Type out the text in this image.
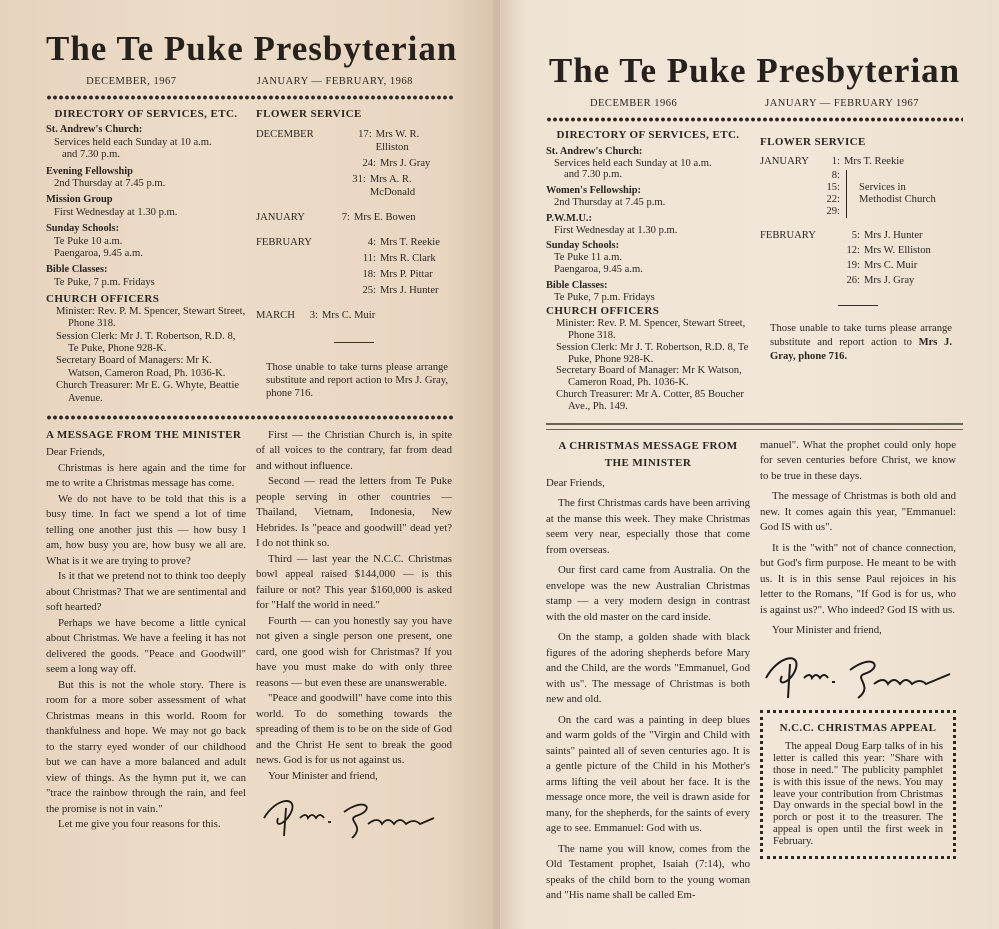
The Te Puke Presbyterian
DECEMBER, 1967	JANUARY — FEBRUARY, 1968
DIRECTORY OF SERVICES, ETC.
St. Andrew's Church:
Services held each Sunday at 10 a.m.
and 7.30 p.m.
Evening Fellowship
2nd Thursday at 7.45 p.m.
Mission Group
First Wednesday at 1.30 p.m.
Sunday Schools:
Te Puke 10 a.m.
Paengaroa, 9.45 a.m.
Bible Classes:
Te Puke, 7 p.m. Fridays
CHURCH OFFICERS
Minister: Rev. P. M. Spencer, Stewart Street, Phone 318.
Session Clerk: Mr J. T. Robertson, R.D. 8, Te Puke, Phone 928-K.
Secretary Board of Managers: Mr K. Watson, Cameron Road, Ph. 1036-K.
Church Treasurer: Mr E. G. Whyte, Beattie Avenue.
FLOWER SERVICE
DECEMBER	17: Mrs W. R. Elliston
24: Mrs J. Gray
31: Mrs A. R. McDonald
JANUARY	7: Mrs E. Bowen
FEBRUARY	4: Mrs T. Reekie
11: Mrs R. Clark
18: Mrs P. Pittar
25: Mrs J. Hunter
MARCH	3: Mrs C. Muir
Those unable to take turns please arrange substitute and report action to Mrs J. Gray, phone 716.
A MESSAGE FROM THE MINISTER

Dear Friends,

Christmas is here again and the time for me to write a Christmas message has come.

We do not have to be told that this is a busy time. In fact we spend a lot of time telling one another just this — how busy I am, how busy you are, how busy we all are. What is it we are trying to prove?

Is it that we pretend not to think too deeply about Christmas? That we are sentimental and soft hearted?

Perhaps we have become a little cynical about Christmas. We have a feeling it has not delivered the goods. "Peace and Goodwill" seem a long way off.

But this is not the whole story. There is room for a more sober assessment of what Christmas means in this world. Room for thankfulness and hope. We may not go back to the starry eyed wonder of our childhood but we can have a more balanced and adult view of things. As the hymn put it, we can "trace the rainbow through the rain, and feel the promise is not in vain."

Let me give you four reasons for this.

First — the Christian Church is, in spite of all voices to the contrary, far from dead and without influence.

Second — read the letters from Te Puke people serving in other countries — Thailand, Vietnam, Indonesia, New Hebrides. Is "peace and goodwill" dead yet? I do not think so.

Third — last year the N.C.C. Christmas bowl appeal raised $144,000 — is this failure or not? This year $160,000 is asked for "Half the world in need."

Fourth — can you honestly say you have not given a single person one present, one card, one good wish for Christmas? If you have you must make do with only three reasons — but even these are unanswerable.

"Peace and goodwill" have come into this world. To do something towards the spreading of them is to be on the side of God and the Christ He sent to break the good news. God is for us not against us.

Your Minister and friend,

The Te Puke Presbyterian
DECEMBER 1966	JANUARY — FEBRUARY 1967
DIRECTORY OF SERVICES, ETC.
St. Andrew's Church:
Services held each Sunday at 10 a.m.
and 7.30 p.m.
Women's Fellowship:
2nd Thursday at 7.45 p.m.
P.W.M.U.:
First Wednesday at 1.30 p.m.
Sunday Schools:
Te Puke 11 a.m.
Paengaroa, 9.45 a.m.
Bible Classes:
Te Puke, 7 p.m. Fridays
CHURCH OFFICERS
Minister: Rev. P. M. Spencer, Stewart Street, Phone 318.
Session Clerk: Mr J. T. Robertson, R.D. 8, Te Puke, Phone 928-K.
Secretary Board of Manager: Mr K Watson, Cameron Road, Ph. 1036-K.
Church Treasurer: Mr A. Cotter, 85 Boucher Ave., Ph. 149.
FLOWER SERVICE
JANUARY	1: Mrs T. Reekie
8:
15:
22:
29:
Services in Methodist Church
FEBRUARY	5: Mrs J. Hunter
12: Mrs W. Elliston
19: Mrs C. Muir
26: Mrs J. Gray
Those unable to take turns please arrange substitute and report action to Mrs J. Gray, phone 716.
A CHRISTMAS MESSAGE FROM THE MINISTER

Dear Friends,

The first Christmas cards have been arriving at the manse this week. They make Christmas seem very near, especially those that come from overseas.

Our first card came from Australia. On the envelope was the new Australian Christmas stamp — a very modern design in contrast with the old master on the card inside.

On the stamp, a golden shade with black figures of the adoring shepherds before Mary and the Child, are the words "Emmanuel, God with us". The message of Christmas is both new and old.

On the card was a painting in deep blues and warm golds of the "Virgin and Child with saints" painted all of seven centuries ago. It is a gentle picture of the Child in his Mother's arms lifting the veil about her face. It is the message once more, the veil is drawn aside for many, for the shepherds, for the saints of every age to see. Emmanuel: God with us.

The name you will know, comes from the Old Testament prophet, Isaiah (7:14), who speaks of the child born to the young woman and "His name shall be called Em-

manuel". What the prophet could only hope for seven centuries before Christ, we know to be true in these days.

The message of Christmas is both old and new. It comes again this year, "Emmanuel: God IS with us".

It is the "with" not of chance connection, but God's firm purpose. He meant to be with us. It is in this sense Paul rejoices in his letter to the Romans, "If God is for us, who is against us?". Who indeed? God IS with us.

Your Minister and friend,

N.C.C. CHRISTMAS APPEAL
The appeal Doug Earp talks of in his letter is called this year: "Share with those in need." The publicity pamphlet is with this issue of the news. You may leave your contribution from Christmas Day onwards in the special bowl in the porch or post it to the treasurer. The appeal is open until the first week in February.
